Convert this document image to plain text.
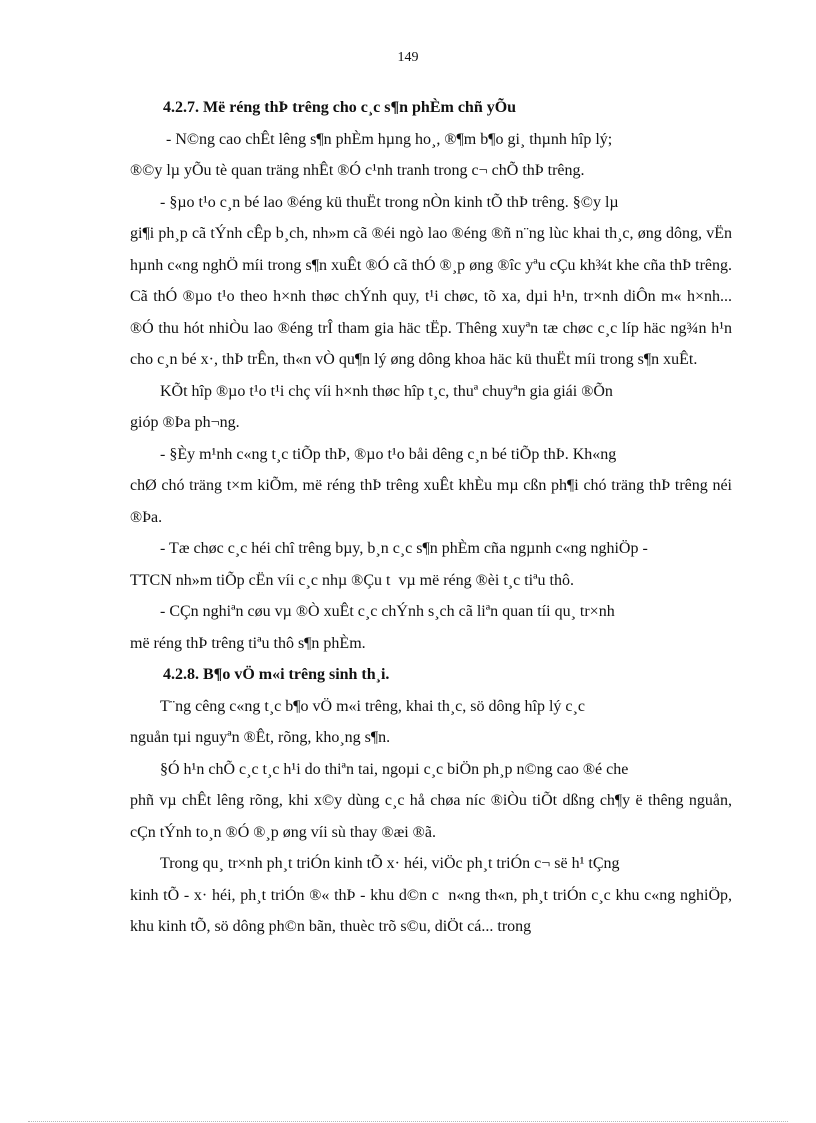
149

4.2.7. Më réng thÞ trêng cho c¸c s¶n phÈm chñ yÕu

- N©ng cao chÊt lêng s¶n phÈm hµng ho¸, ®¶m b¶o gi¸ thµnh hîp lý;

®©y lµ yÕu tè quan träng nhÊt ®Ó c¹nh tranh trong c¬ chÕ thÞ trêng.

- §µo t¹o c¸n bé lao ®éng kü thuËt trong nÒn kinh tÕ thÞ trêng. §©y lµ

gi¶i ph¸p cã tÝnh cÊp b¸ch, nh»m cã ®éi ngò lao ®éng ®ñ n¨ng lùc khai th¸c, øng dông, vËn hµnh c«ng nghÖ míi trong s¶n xuÊt ®Ó cã thÓ ®¸p øng ®îc yªu cÇu kh¾t khe cña thÞ trêng. Cã thÓ ®µo t¹o theo h×nh thøc chÝnh quy, t¹i chøc, tõ xa, dµi h¹n, tr×nh diÔn m« h×nh... ®Ó thu hót nhiÒu lao ®éng trÎ tham gia häc tËp. Thêng xuyªn tæ chøc c¸c líp häc ng¾n h¹n cho c¸n bé x·, thÞ trÊn, th«n vÒ qu¶n lý øng dông khoa häc kü thuËt míi trong s¶n xuÊt.

KÕt hîp ®µo t¹o t¹i chç víi h×nh thøc hîp t¸c, thuª chuyªn gia giái ®Õn

gióp ®Þa ph¬ng.

- §Èy m¹nh c«ng t¸c tiÕp thÞ, ®µo t¹o båi dêng c¸n bé tiÕp thÞ. Kh«ng

chØ chó träng t×m kiÕm, më réng thÞ trêng xuÊt khÈu mµ cßn ph¶i chó träng thÞ trêng néi ®Þa.

- Tæ chøc c¸c héi chî trêng bµy, b¸n c¸c s¶n phÈm cña ngµnh c«ng nghiÖp -

TTCN nh»m tiÕp cËn víi c¸c nhµ ®Çu t  vµ më réng ®èi t¸c tiªu thô.

- CÇn nghiªn cøu vµ ®Ò xuÊt c¸c chÝnh s¸ch cã liªn quan tíi qu¸ tr×nh

më réng thÞ trêng tiªu thô s¶n phÈm.

4.2.8. B¶o vÖ m«i trêng sinh th¸i.

T¨ng cêng c«ng t¸c b¶o vÖ m«i trêng, khai th¸c, sö dông hîp lý c¸c

nguån tµi nguyªn ®Êt, rõng, kho¸ng s¶n.

§Ó h¹n chÕ c¸c t¸c h¹i do thiªn tai, ngoµi c¸c biÖn ph¸p n©ng cao ®é che

phñ vµ chÊt lêng rõng, khi x©y dùng c¸c hå chøa níc ®iÒu tiÕt dßng ch¶y ë thêng nguån, cÇn tÝnh to¸n ®Ó ®¸p øng víi sù thay ®æi ®ã.

Trong qu¸ tr×nh ph¸t triÓn kinh tÕ x· héi, viÖc ph¸t triÓn c¬ së h¹ tÇng

kinh tÕ - x· héi, ph¸t triÓn ®« thÞ - khu d©n c  n«ng th«n, ph¸t triÓn c¸c khu c«ng nghiÖp, khu kinh tÕ, sö dông ph©n bãn, thuèc trõ s©u, diÖt cá... trong
